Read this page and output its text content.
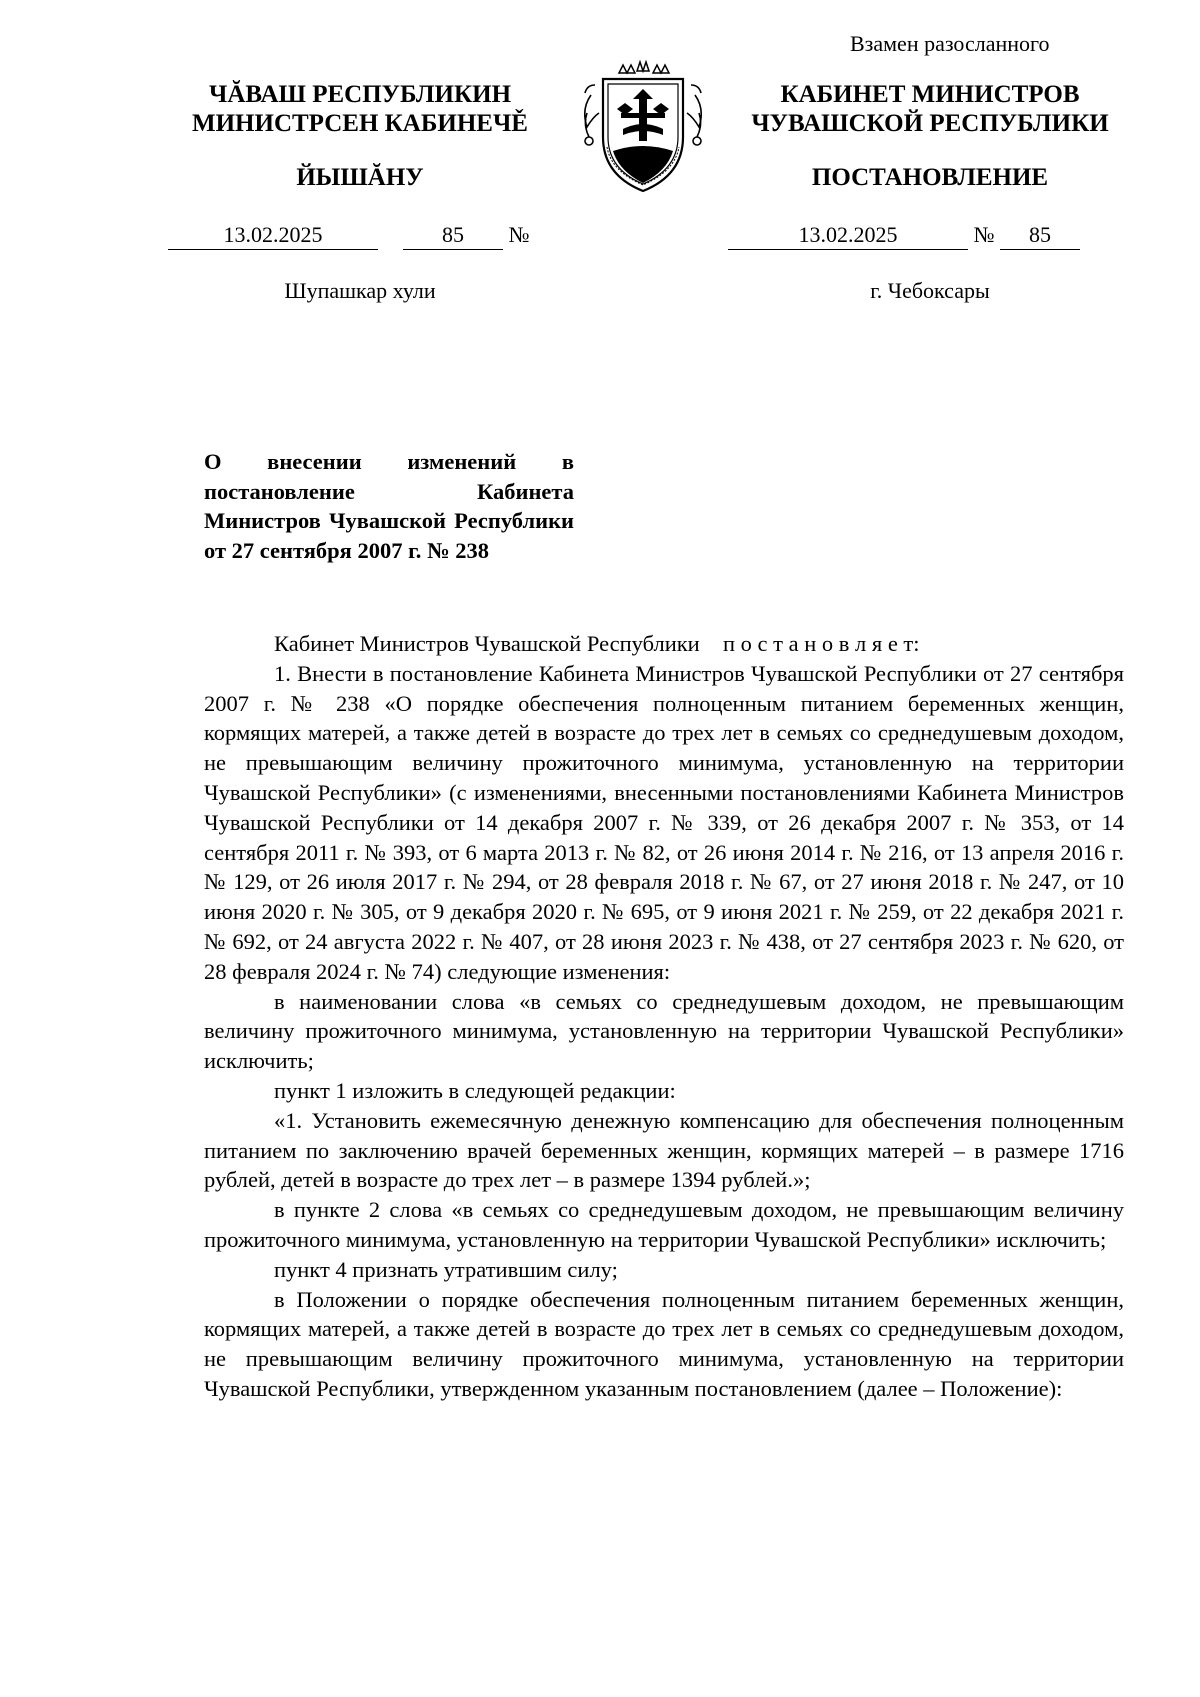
Взамен разосланного
ЧĂВАШ РЕСПУБЛИКИН
МИНИСТРСЕН КАБИНЕЧĚ
ЙЫШĂНУ
КАБИНЕТ МИНИСТРОВ
ЧУВАШСКОЙ РЕСПУБЛИКИ
ПОСТАНОВЛЕНИЕ
13.02.2025	85 №	13.02.2025	№ 85
Шупашкар хули	г. Чебоксары
О внесении изменений в постановление Кабинета Министров Чувашской Республики от 27 сентября 2007 г. № 238

Кабинет Министров Чувашской Республики п о с т а н о в л я е т:

1. Внести в постановление Кабинета Министров Чувашской Республики от 27 сентября 2007 г. № 238 «О порядке обеспечения полноценным питанием беременных женщин, кормящих матерей, а также детей в возрасте до трех лет в семьях со среднедушевым доходом, не превышающим величину прожиточного минимума, установленную на территории Чувашской Республики» (с изменениями, внесенными постановлениями Кабинета Министров Чувашской Республики от 14 декабря 2007 г. № 339, от 26 декабря 2007 г. № 353, от 14 сентября 2011 г. № 393, от 6 марта 2013 г. № 82, от 26 июня 2014 г. № 216, от 13 апреля 2016 г. № 129, от 26 июля 2017 г. № 294, от 28 февраля 2018 г. № 67, от 27 июня 2018 г. № 247, от 10 июня 2020 г. № 305, от 9 декабря 2020 г. № 695, от 9 июня 2021 г. № 259, от 22 декабря 2021 г. № 692, от 24 августа 2022 г. № 407, от 28 июня 2023 г. № 438, от 27 сентября 2023 г. № 620, от 28 февраля 2024 г. № 74) следующие изменения:

в наименовании слова «в семьях со среднедушевым доходом, не превышающим величину прожиточного минимума, установленную на территории Чувашской Республики» исключить;

пункт 1 изложить в следующей редакции:

«1. Установить ежемесячную денежную компенсацию для обеспечения полноценным питанием по заключению врачей беременных женщин, кормящих матерей – в размере 1716 рублей, детей в возрасте до трех лет – в размере 1394 рублей.»;

в пункте 2 слова «в семьях со среднедушевым доходом, не превышающим величину прожиточного минимума, установленную на территории Чувашской Республики» исключить;

пункт 4 признать утратившим силу;

в Положении о порядке обеспечения полноценным питанием беременных женщин, кормящих матерей, а также детей в возрасте до трех лет в семьях со среднедушевым доходом, не превышающим величину прожиточного минимума, установленную на территории Чувашской Республики, утвержденном указанным постановлением (далее – Положение):
